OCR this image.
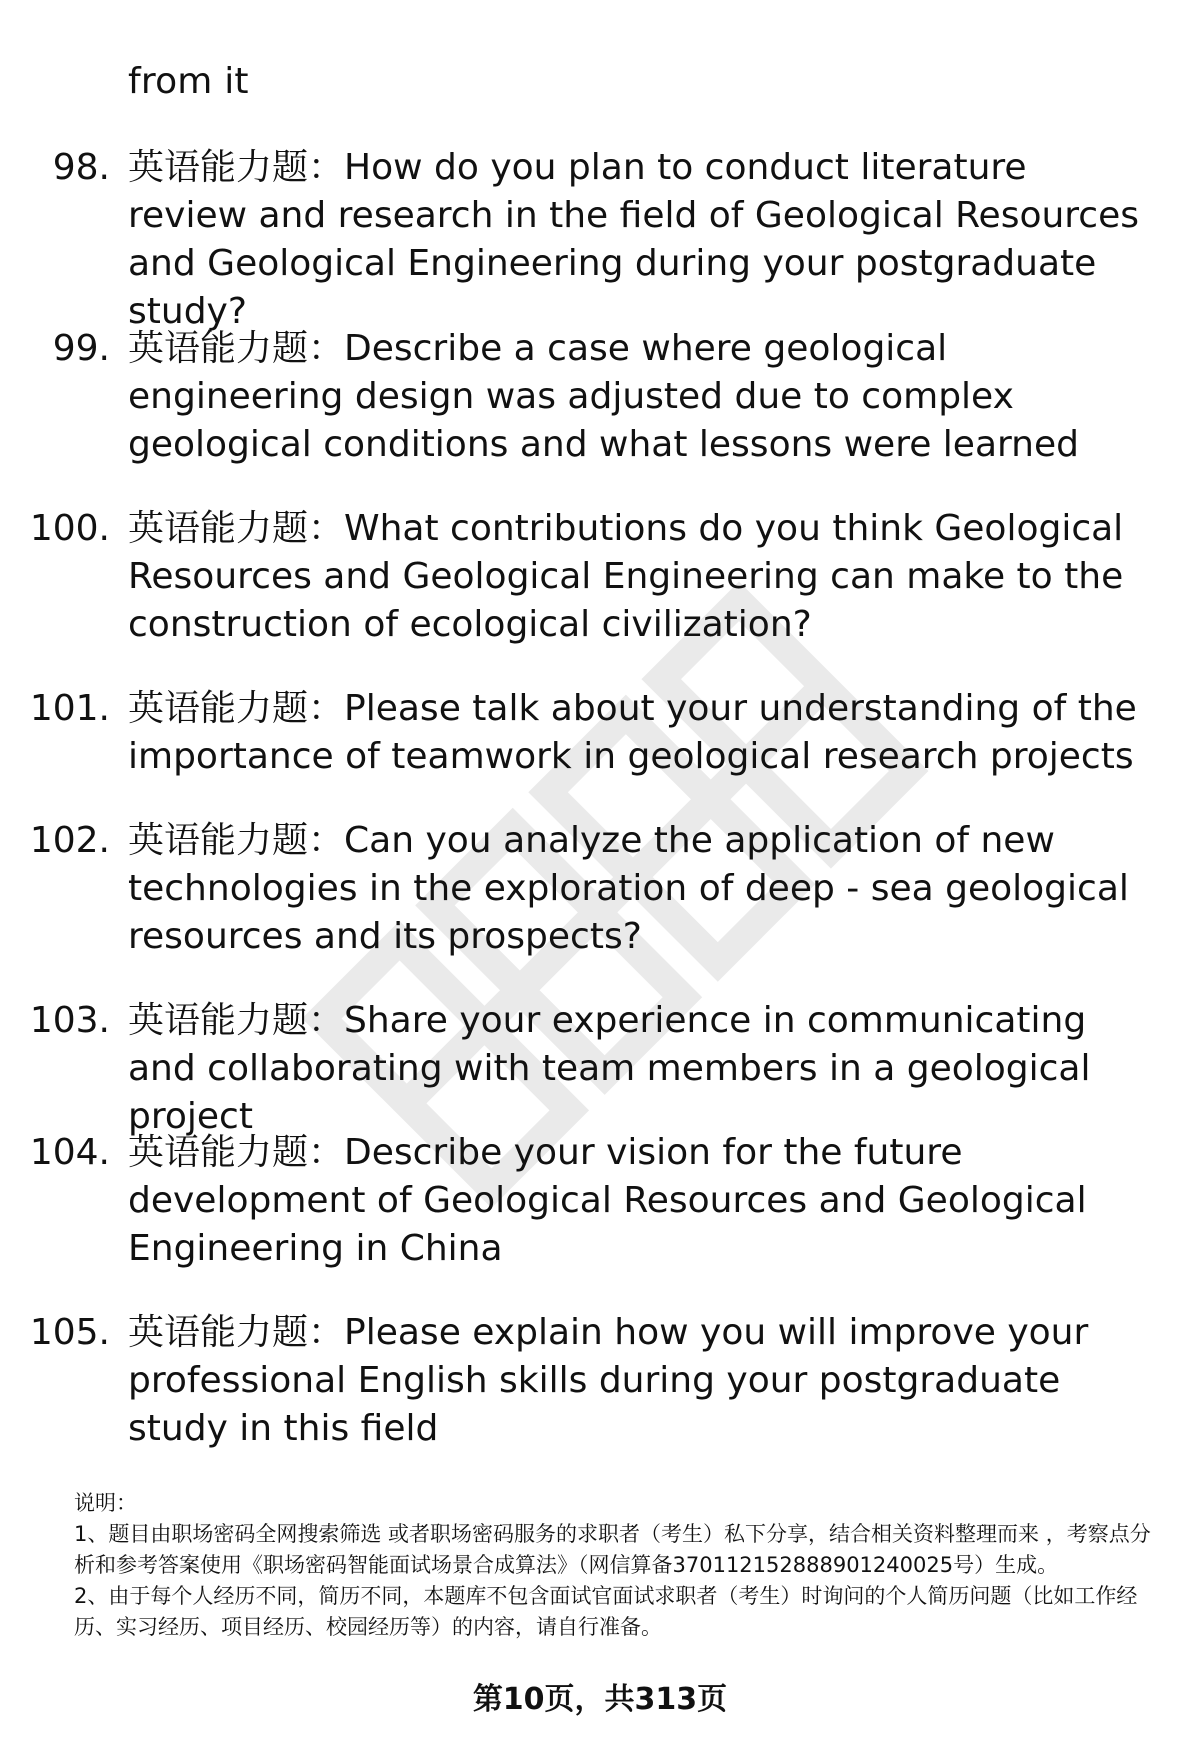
from it
98. 英语能力题：How do you plan to conduct literature review and research in the field of Geological Resources and Geological Engineering during your postgraduate study?
99. 英语能力题：Describe a case where geological engineering design was adjusted due to complex geological conditions and what lessons were learned
100. 英语能力题：What contributions do you think Geological Resources and Geological Engineering can make to the construction of ecological civilization?
101. 英语能力题：Please talk about your understanding of the importance of teamwork in geological research projects
102. 英语能力题：Can you analyze the application of new technologies in the exploration of deep - sea geological resources and its prospects?
103. 英语能力题：Share your experience in communicating and collaborating with team members in a geological project
104. 英语能力题：Describe your vision for the future development of Geological Resources and Geological Engineering in China
105. 英语能力题：Please explain how you will improve your professional English skills during your postgraduate study in this field

说明：

1、题目由职场密码全网搜索筛选 或者职场密码服务的求职者（考生）私下分享，结合相关资料整理而来 ，考察点分析和参考答案使用《职场密码智能面试场景合成算法》（网信算备370112152888901240025号）生成。

2、由于每个人经历不同，简历不同，本题库不包含面试官面试求职者（考生）时询问的个人简历问题（比如工作经历、实习经历、项目经历、校园经历等）的内容，请自行准备。

第10页，共313页
